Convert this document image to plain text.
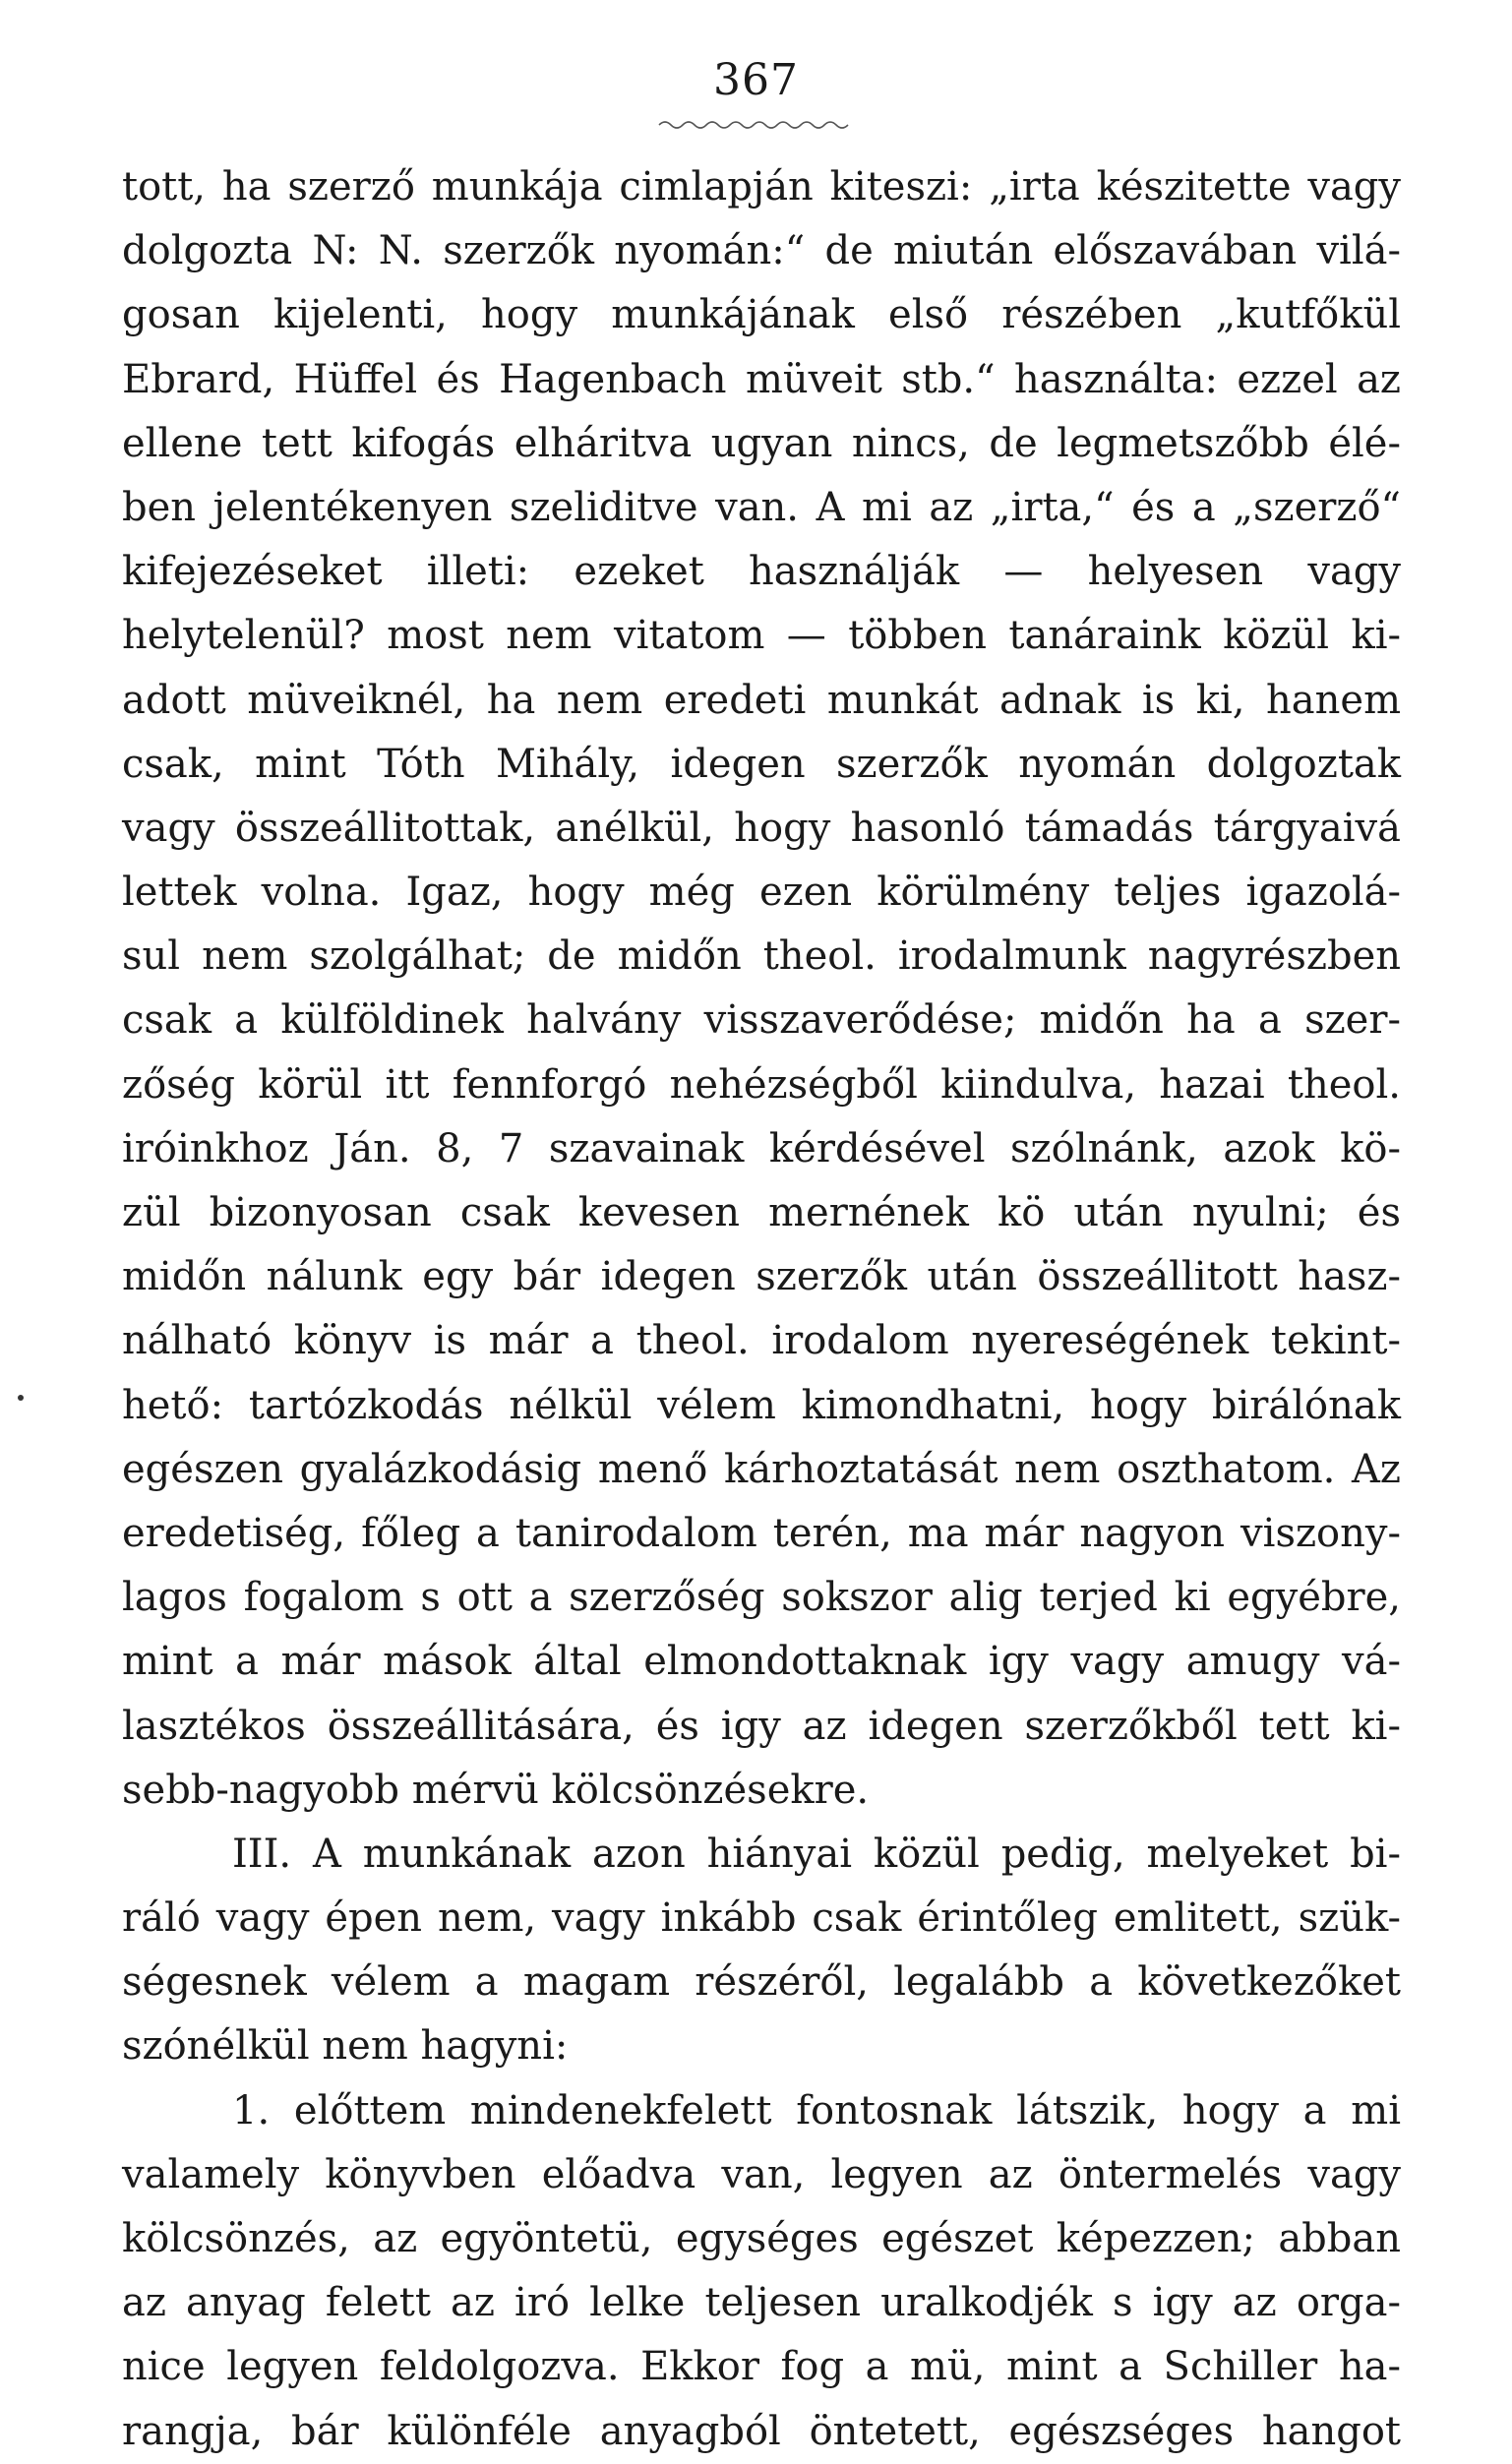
367
tott, ha szerző munkája cimlapján kiteszi: „irta készitette vagy
dolgozta N: N. szerzők nyomán:“ de miután előszavában vilá-
gosan kijelenti, hogy munkájának első részében „kutfőkül
Ebrard, Hüffel és Hagenbach müveit stb.“ használta: ezzel az
ellene tett kifogás elháritva ugyan nincs, de legmetszőbb élé-
ben jelentékenyen szeliditve van. A mi az „irta,“ és a „szerző“
kifejezéseket illeti: ezeket használják — helyesen vagy
helytelenül? most nem vitatom — többen tanáraink közül ki-
adott müveiknél, ha nem eredeti munkát adnak is ki, hanem
csak, mint Tóth Mihály, idegen szerzők nyomán dolgoztak
vagy összeállitottak, anélkül, hogy hasonló támadás tárgyaivá
lettek volna. Igaz, hogy még ezen körülmény teljes igazolá-
sul nem szolgálhat; de midőn theol. irodalmunk nagyrészben
csak a külföldinek halvány visszaverődése; midőn ha a szer-
zőség körül itt fennforgó nehézségből kiindulva, hazai theol.
iróinkhoz Ján. 8, 7 szavainak kérdésével szólnánk, azok kö-
zül bizonyosan csak kevesen mernének kö után nyulni; és
midőn nálunk egy bár idegen szerzők után összeállitott hasz-
nálható könyv is már a theol. irodalom nyereségének tekint-
hető: tartózkodás nélkül vélem kimondhatni, hogy birálónak
egészen gyalázkodásig menő kárhoztatását nem oszthatom. Az
eredetiség, főleg a tanirodalom terén, ma már nagyon viszony-
lagos fogalom s ott a szerzőség sokszor alig terjed ki egyébre,
mint a már mások által elmondottaknak igy vagy amugy vá-
lasztékos összeállitására, és igy az idegen szerzőkből tett ki-
sebb-nagyobb mérvü kölcsönzésekre.
III. A munkának azon hiányai közül pedig, melyeket bi-
ráló vagy épen nem, vagy inkább csak érintőleg emlitett, szük-
ségesnek vélem a magam részéről, legalább a következőket
szónélkül nem hagyni:
1. előttem mindenekfelett fontosnak látszik, hogy a mi
valamely könyvben előadva van, legyen az öntermelés vagy
kölcsönzés, az egyöntetü, egységes egészet képezzen; abban
az anyag felett az iró lelke teljesen uralkodjék s igy az orga-
nice legyen feldolgozva. Ekkor fog a mü, mint a Schiller ha-
rangja, bár különféle anyagból öntetett, egészséges hangot
